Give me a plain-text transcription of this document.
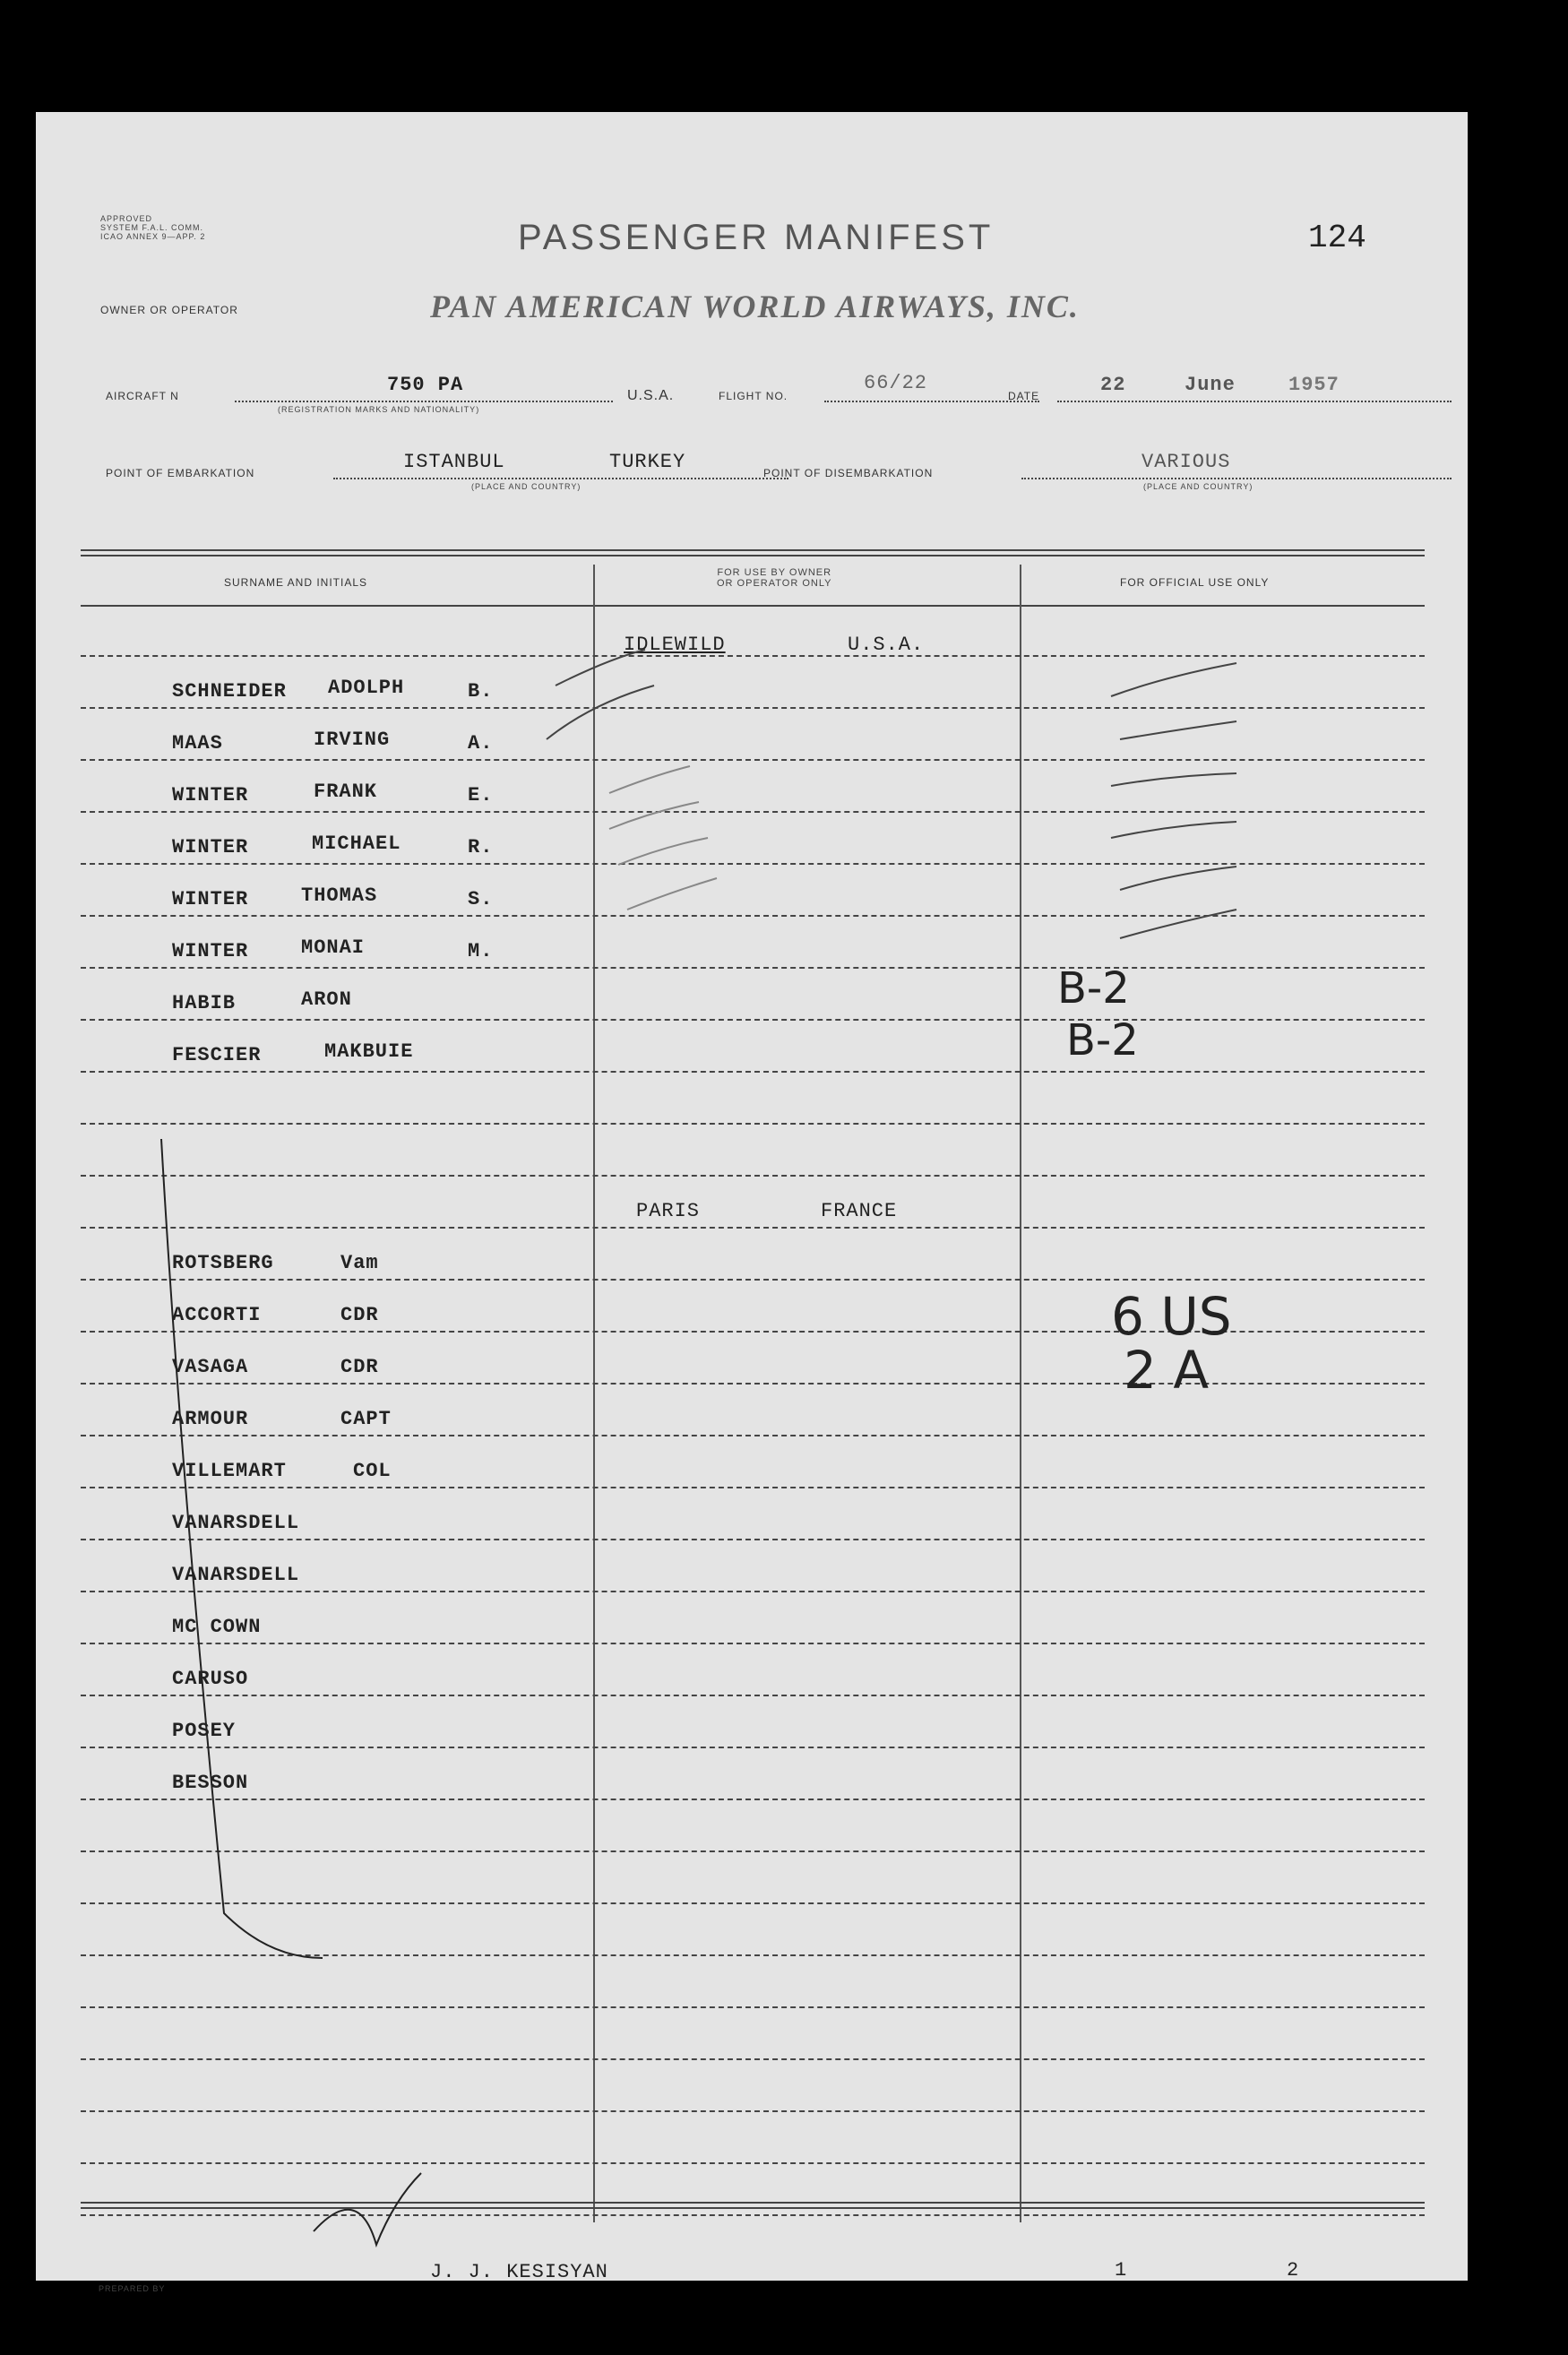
APPROVED
SYSTEM F.A.L. COMM.
ICAO ANNEX 9—APP. 2	PASSENGER MANIFEST	124
OWNER OR OPERATOR	PAN AMERICAN WORLD AIRWAYS, INC.
AIRCRAFT N	750 PA
(REGISTRATION MARKS AND NATIONALITY)
U.S.A.	FLIGHT NO.
66/22
DATE	22	June	1957
POINT OF EMBARKATION	ISTANBUL	TURKEY
(PLACE AND COUNTRY)
POINT OF DISEMBARKATION	VARIOUS
(PLACE AND COUNTRY)
SURNAME AND INITIALS
FOR USE BY OWNER
OR OPERATOR ONLY	FOR OFFICIAL USE ONLY
IDLEWILD	U.S.A.
SCHNEIDER ADOLPH	B.
MAAS	IRVING	A.
WINTER	FRANK	E.
WINTER	MICHAEL	R.
WINTER	THOMAS	S.
WINTER	MONAI	M.
HABIB	ARON
FESCIER	MAKBUIE
PARIS	FRANCE
ROTSBERG	Vam
ACCORTI	CDR
VASAGA	CDR
ARMOUR	CAPT
VILLEMART	COL
VANARSDELL
VANARSDELL
MC COWN
CARUSO
POSEY
BESSON
B-2
B-2
6 US
2 A
PREPARED BY
J. J. KESISYAN	1	2
